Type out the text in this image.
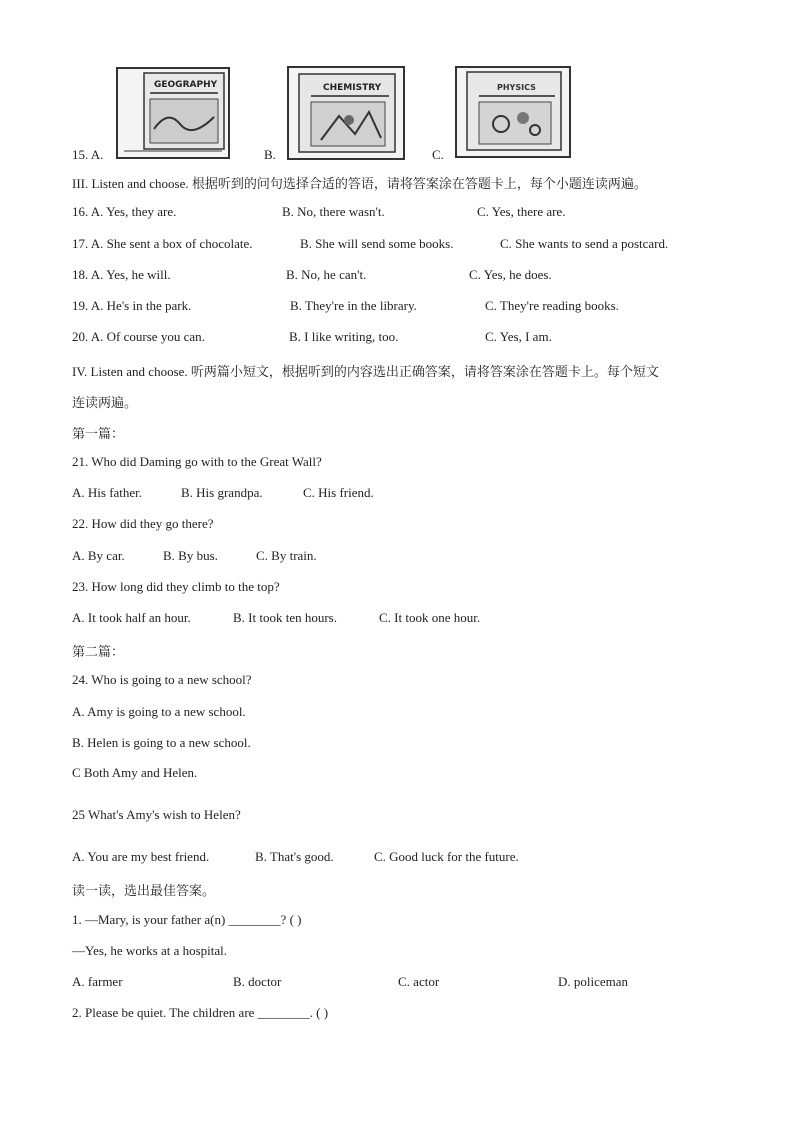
GEOGRAPHY	CHEMISTRY	PHYSICS
15. A.	B.	C.
III. Listen and choose. 根据听到的问句选择合适的答语，请将答案涂在答题卡上，每个小题连读两遍。
16. A. Yes, they are.	B. No, there wasn't.	C. Yes, there are.
17. A. She sent a box of chocolate.	B. She will send some books.	C. She wants to send a postcard.
18. A. Yes, he will.	B. No, he can't.	C. Yes, he does.
19. A. He's in the park.	B. They're in the library.	C. They're reading books.
20. A. Of course you can.	B. I like writing, too.	C. Yes, I am.
IV. Listen and choose. 听两篇小短文，根据听到的内容选出正确答案，请将答案涂在答题卡上。每个短文
连读两遍。
第一篇：
21. Who did Daming go with to the Great Wall?
A. His father.	B. His grandpa.	C. His friend.
22. How did they go there?
A. By car.	B. By bus.	C. By train.
23. How long did they climb to the top?
A. It took half an hour.	B. It took ten hours.	C. It took one hour.
第二篇：
24. Who is going to a new school?
A. Amy is going to a new school.
B. Helen is going to a new school.
C Both Amy and Helen.
25 What's Amy's wish to Helen?
A. You are my best friend.	B. That's good.	C. Good luck for the future.
读一读，选出最佳答案。
1. —Mary, is your father a(n) ________? ( )
—Yes, he works at a hospital.
A. farmer	B. doctor	C. actor	D. policeman
2. Please be quiet. The children are ________. ( )
